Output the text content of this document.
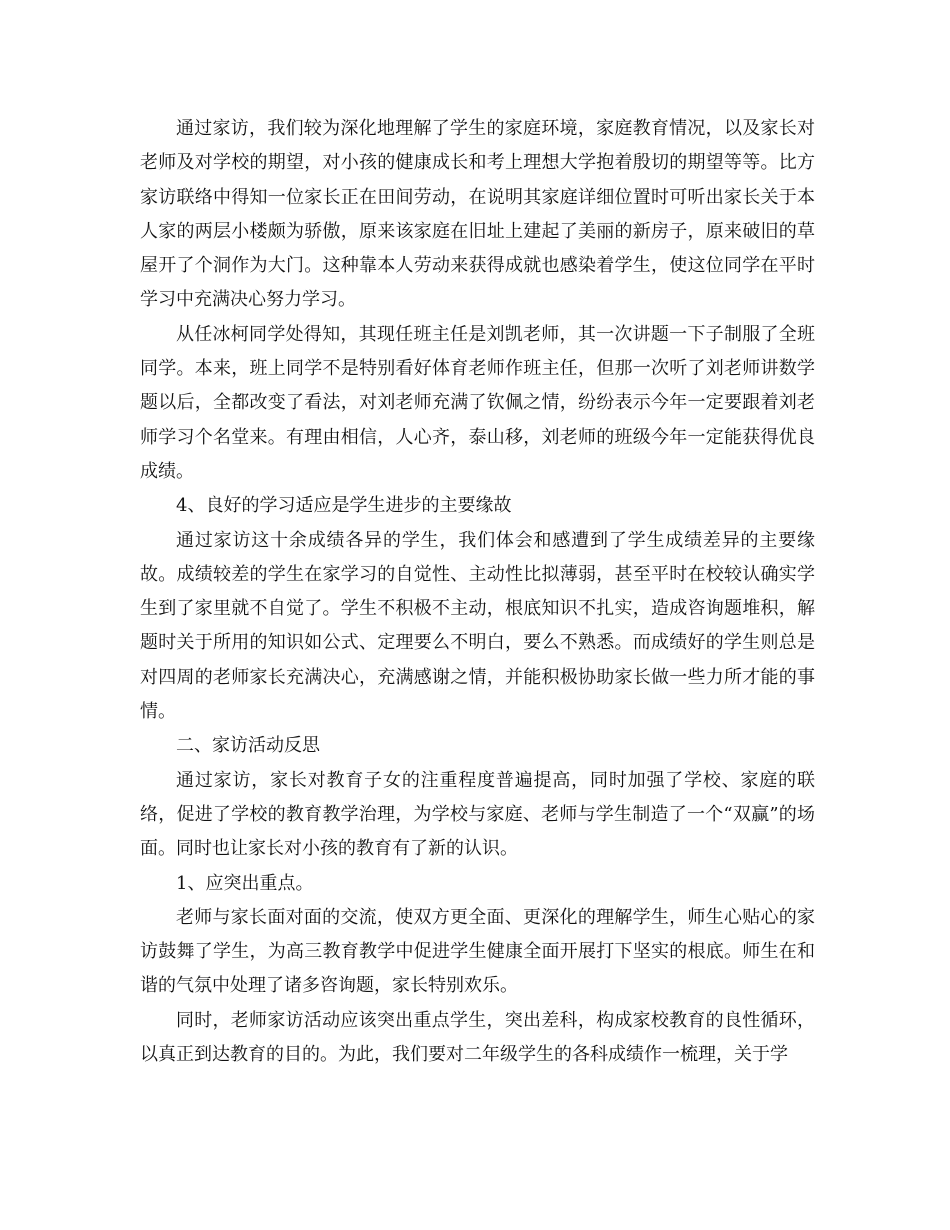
通过家访，我们较为深化地理解了学生的家庭环境，家庭教育情况，以及家长对老师及对学校的期望，对小孩的健康成长和考上理想大学抱着殷切的期望等等。比方家访联络中得知一位家长正在田间劳动，在说明其家庭详细位置时可听出家长关于本人家的两层小楼颇为骄傲，原来该家庭在旧址上建起了美丽的新房子，原来破旧的草屋开了个洞作为大门。这种靠本人劳动来获得成就也感染着学生，使这位同学在平时学习中充满决心努力学习。

从任冰柯同学处得知，其现任班主任是刘凯老师，其一次讲题一下子制服了全班同学。本来，班上同学不是特别看好体育老师作班主任，但那一次听了刘老师讲数学题以后，全都改变了看法，对刘老师充满了钦佩之情，纷纷表示今年一定要跟着刘老师学习个名堂来。有理由相信，人心齐，泰山移，刘老师的班级今年一定能获得优良成绩。

4、良好的学习适应是学生进步的主要缘故

通过家访这十余成绩各异的学生，我们体会和感遭到了学生成绩差异的主要缘故。成绩较差的学生在家学习的自觉性、主动性比拟薄弱，甚至平时在校较认确实学生到了家里就不自觉了。学生不积极不主动，根底知识不扎实，造成咨询题堆积，解题时关于所用的知识如公式、定理要么不明白，要么不熟悉。而成绩好的学生则总是对四周的老师家长充满决心，充满感谢之情，并能积极协助家长做一些力所才能的事情。

二、家访活动反思

通过家访，家长对教育子女的注重程度普遍提高，同时加强了学校、家庭的联络，促进了学校的教育教学治理，为学校与家庭、老师与学生制造了一个“双赢”的场面。同时也让家长对小孩的教育有了新的认识。

1、应突出重点。

老师与家长面对面的交流，使双方更全面、更深化的理解学生，师生心贴心的家访鼓舞了学生，为高三教育教学中促进学生健康全面开展打下坚实的根底。师生在和谐的气氛中处理了诸多咨询题，家长特别欢乐。

同时，老师家访活动应该突出重点学生，突出差科，构成家校教育的良性循环，以真正到达教育的目的。为此，我们要对二年级学生的各科成绩作一梳理，关于学
